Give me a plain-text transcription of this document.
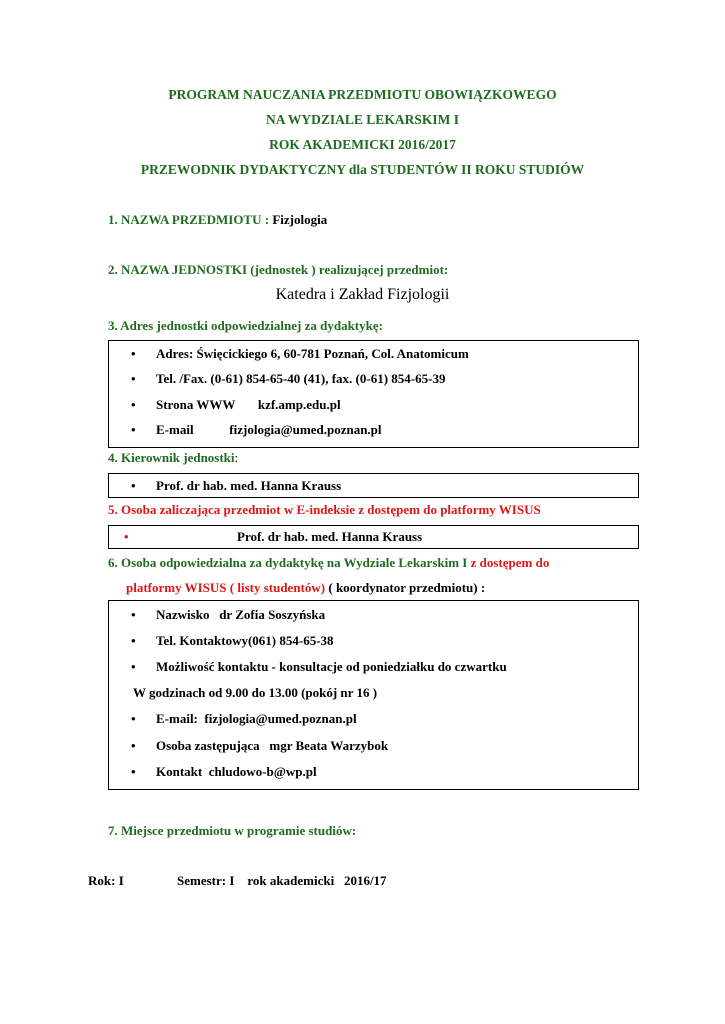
PROGRAM NAUCZANIA PRZEDMIOTU OBOWIĄZKOWEGO
NA WYDZIALE LEKARSKIM I
ROK AKADEMICKI 2016/2017
PRZEWODNIK DYDAKTYCZNY dla STUDENTÓW II ROKU STUDIÓW
1. NAZWA PRZEDMIOTU : Fizjologia
2. NAZWA JEDNOSTKI (jednostek ) realizującej przedmiot:
Katedra i Zakład Fizjologii
3. Adres jednostki odpowiedzialnej za dydaktykę:
• Adres: Święcickiego 6, 60-781 Poznań, Col. Anatomicum
• Tel. /Fax. (0-61) 854-65-40 (41), fax. (0-61) 854-65-39
• Strona WWW       kzf.amp.edu.pl
• E-mail           fizjologia@umed.poznan.pl
4. Kierownik jednostki:
• Prof. dr hab. med. Hanna Krauss
5. Osoba zaliczająca przedmiot w E-indeksie z dostępem do platformy WISUS
•	Prof. dr hab. med. Hanna Krauss
6. Osoba odpowiedzialna za dydaktykę na Wydziale Lekarskim I z dostępem do
platformy WISUS ( listy studentów) ( koordynator przedmiotu) :
• Nazwisko   dr Zofia Soszyńska
• Tel. Kontaktowy(061) 854-65-38
• Możliwość kontaktu - konsultacje od poniedziałku do czwartku
W godzinach od 9.00 do 13.00 (pokój nr 16 )
• E-mail:  fizjologia@umed.poznan.pl
• Osoba zastępująca   mgr Beata Warzybok
• Kontakt  chludowo-b@wp.pl
7. Miejsce przedmiotu w programie studiów:
Rok: I	Semestr: I    rok akademicki   2016/17
